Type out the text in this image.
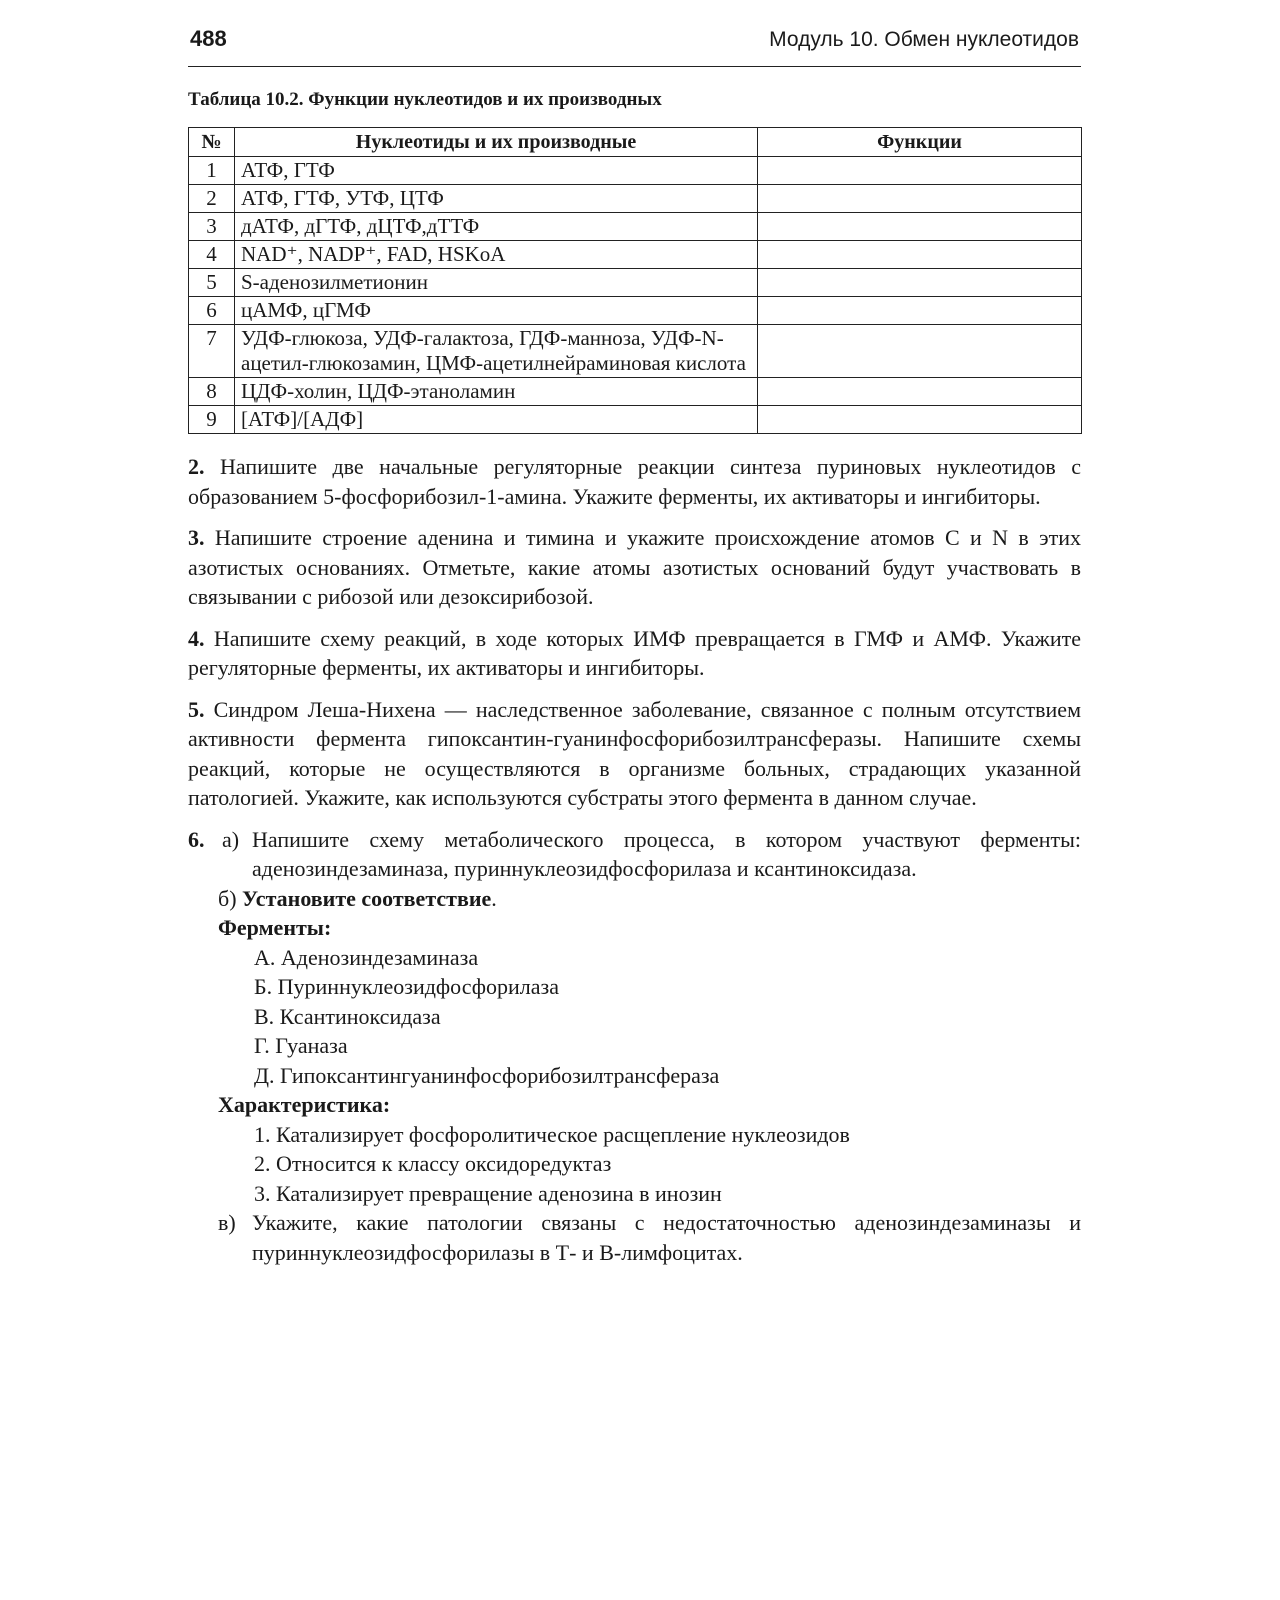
488	Модуль 10. Обмен нуклеотидов
Таблица 10.2. Функции нуклеотидов и их производных
№	Нуклеотиды и их производные	Функции
1	АТФ, ГТФ	
2	АТФ, ГТФ, УТФ, ЦТФ	
3	дАТФ, дГТФ, дЦТФ,дТТФ	
4	NAD⁺, NADP⁺, FAD, HSKoA	
5	S-аденозилметионин	
6	цАМФ, цГМФ	
7	УДФ-глюкоза, УДФ-галактоза, ГДФ-манноза, УДФ-N-ацетил-глюкозамин, ЦМФ-ацетилнейраминовая кислота	
8	ЦДФ-холин, ЦДФ-этаноламин	
9	[АТФ]/[АДФ]	

2. Напишите две начальные регуляторные реакции синтеза пуриновых нуклеотидов с образованием 5-фосфорибозил-1-амина. Укажите ферменты, их активаторы и ингибиторы.

3. Напишите строение аденина и тимина и укажите происхождение атомов С и N в этих азотистых основаниях. Отметьте, какие атомы азотистых оснований будут участвовать в связывании с рибозой или дезоксирибозой.

4. Напишите схему реакций, в ходе которых ИМФ превращается в ГМФ и АМФ. Укажите регуляторные ферменты, их активаторы и ингибиторы.

5. Синдром Леша-Нихена — наследственное заболевание, связанное с полным отсутствием активности фермента гипоксантин-гуанинфосфорибозилтрансферазы. Напишите схемы реакций, которые не осуществляются в организме больных, страдающих указанной патологией. Укажите, как используются субстраты этого фермента в данном случае.

6. а) Напишите схему метаболического процесса, в котором участвуют ферменты: аденозиндезаминаза, пуриннуклеозидфосфорилаза и ксантиноксидаза.
б) Установите соответствие.
Ферменты:
А. Аденозиндезаминаза
Б. Пуриннуклеозидфосфорилаза
В. Ксантиноксидаза
Г. Гуаназа
Д. Гипоксантингуанинфосфорибозилтрансфераза
Характеристика:
1. Катализирует фосфоролитическое расщепление нуклеозидов
2. Относится к классу оксидоредуктаз
3. Катализирует превращение аденозина в инозин
в) Укажите, какие патологии связаны с недостаточностью аденозиндезаминазы и пуриннуклеозидфосфорилазы в Т- и В-лимфоцитах.
